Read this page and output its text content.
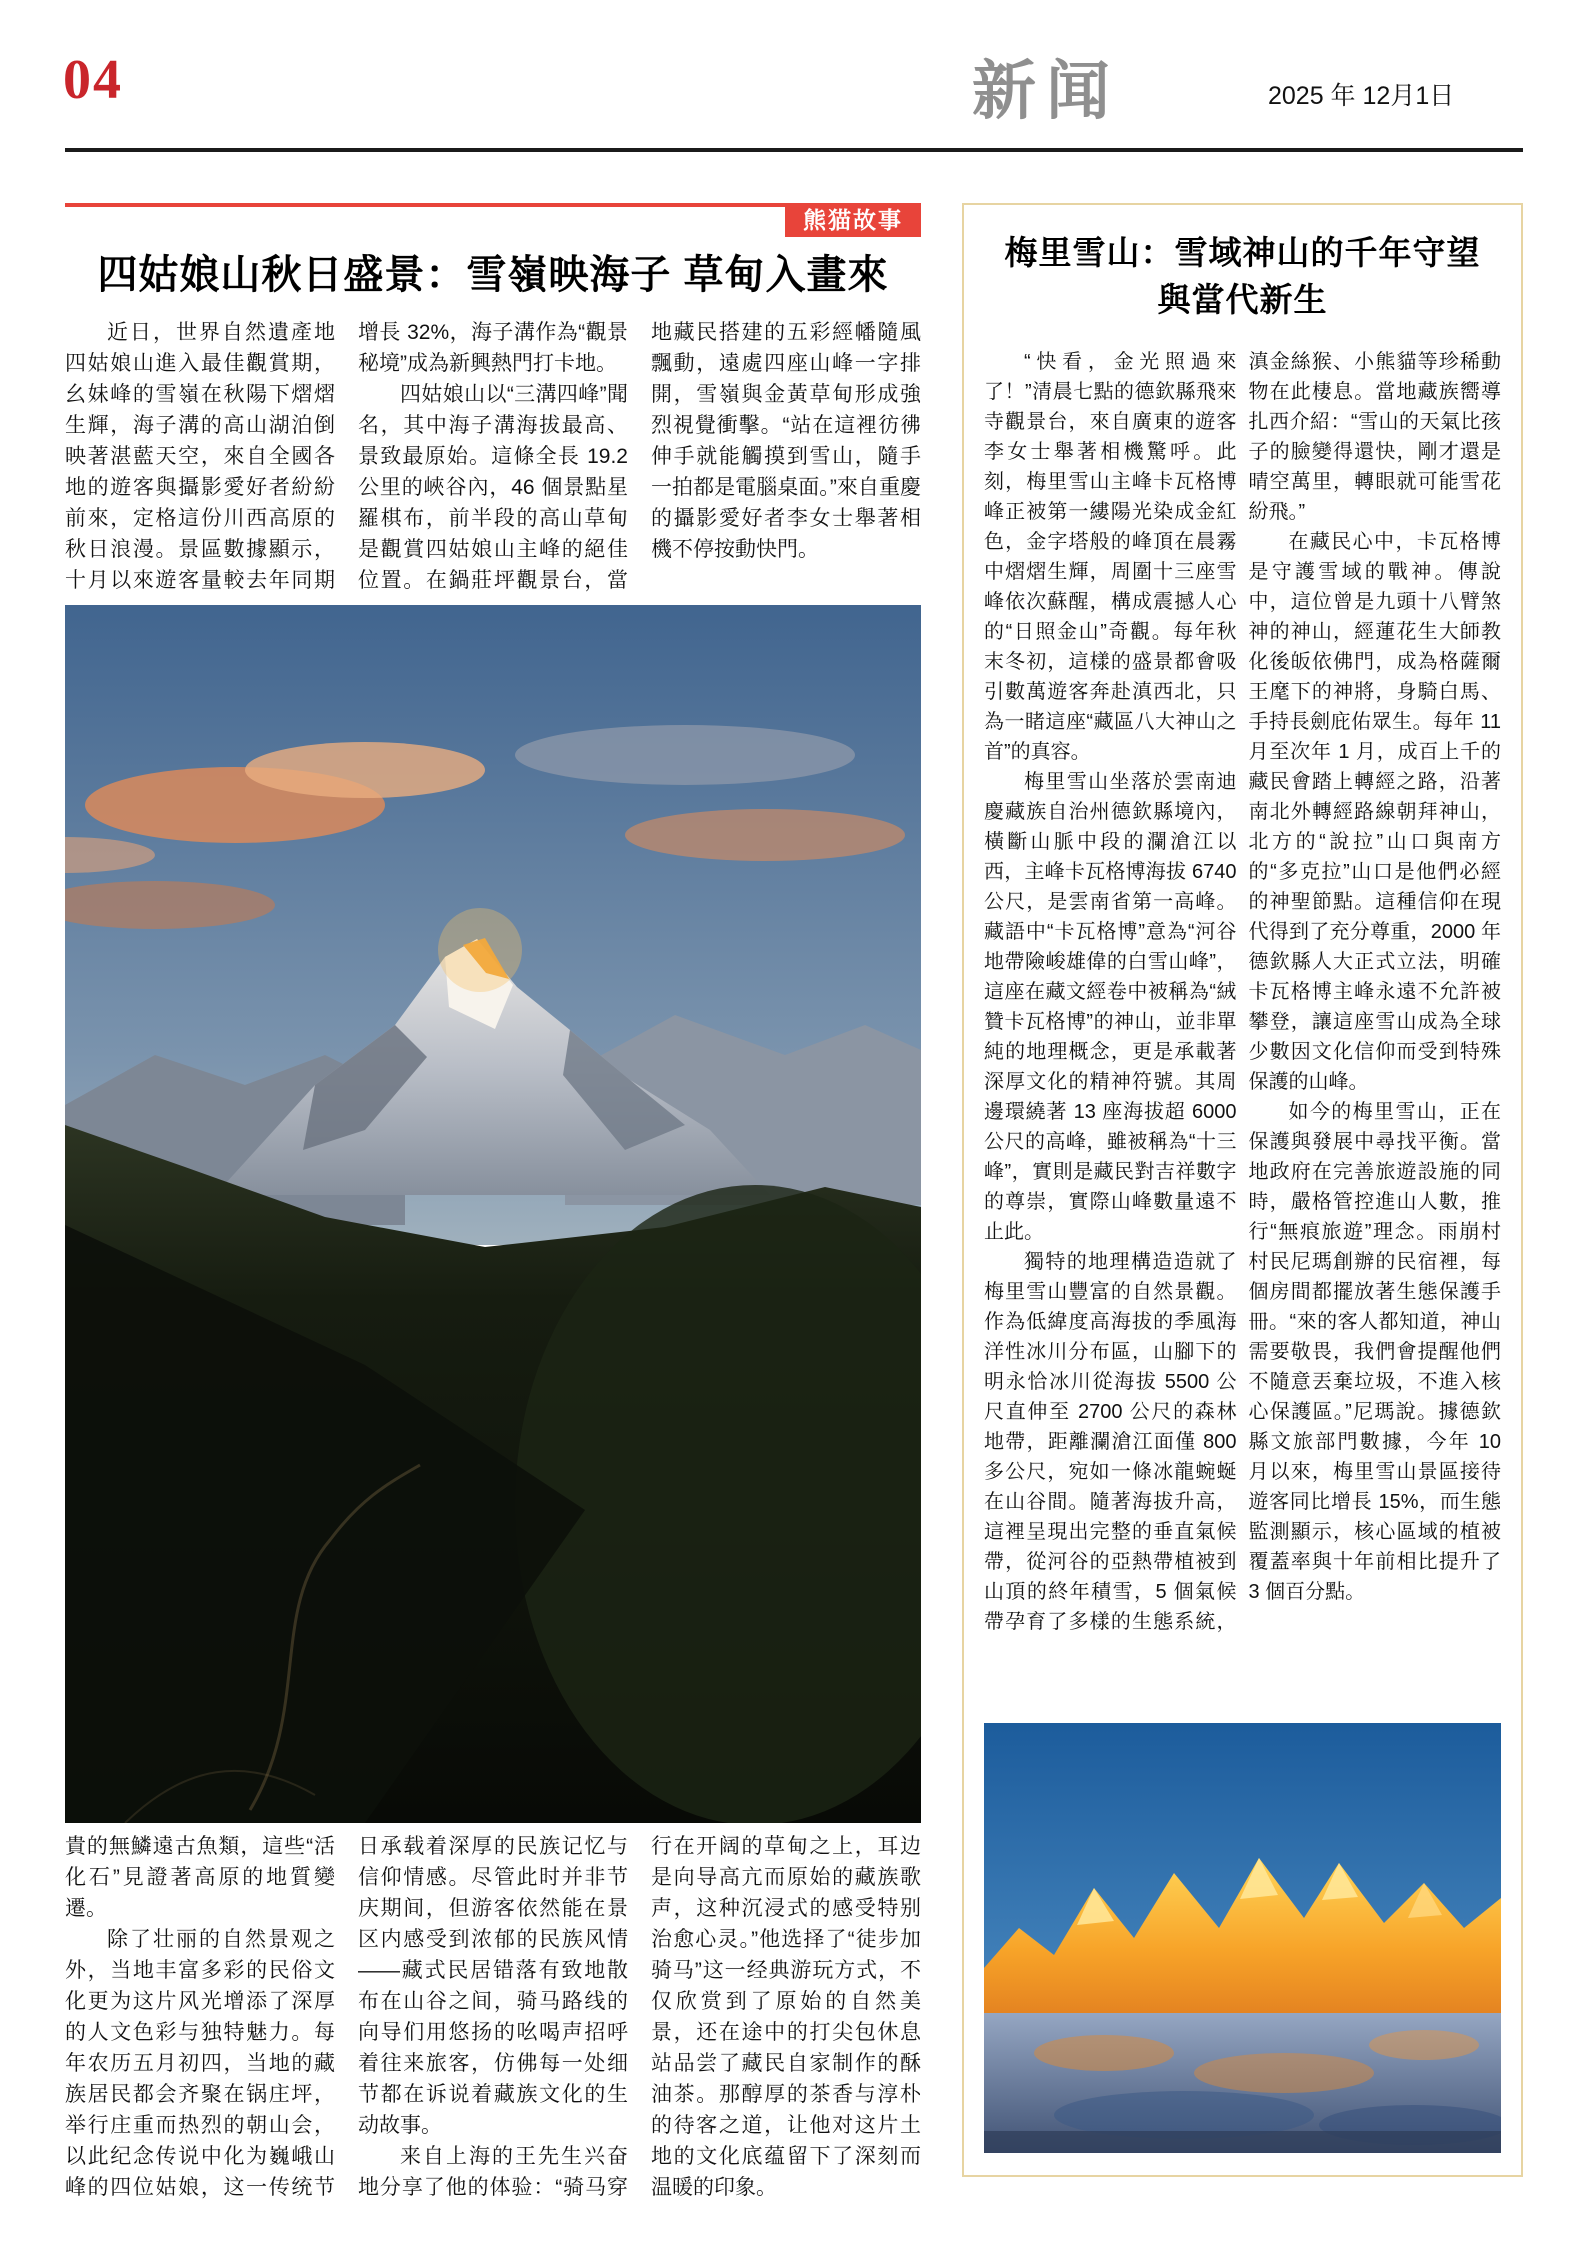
04	新闻	2025 年 12月1日
熊猫故事
四姑娘山秋日盛景：雪嶺映海子 草甸入畫來

近日，世界自然遺產地四姑娘山進入最佳觀賞期，幺妹峰的雪嶺在秋陽下熠熠生輝，海子溝的高山湖泊倒映著湛藍天空，來自全國各地的遊客與攝影愛好者紛紛前來，定格這份川西高原的秋日浪漫。景區數據顯示，十月以來遊客量較去年同期增長 32%，海子溝作為“觀景秘境”成為新興熱門打卡地。

四姑娘山以“三溝四峰”聞名，其中海子溝海拔最高、景致最原始。這條全長 19.2 公里的峽谷內，46 個景點星羅棋布，前半段的高山草甸是觀賞四姑娘山主峰的絕佳位置。在鍋莊坪觀景台，當地藏民搭建的五彩經幡隨風飄動，遠處四座山峰一字排開，雪嶺與金黃草甸形成強烈視覺衝擊。“站在這裡彷彿伸手就能觸摸到雪山，隨手一拍都是電腦桌面。”來自重慶的攝影愛好者李女士舉著相機不停按動快門。

貴的無鱗遠古魚類，這些“活化石”見證著高原的地質變遷。

除了壮丽的自然景观之外，当地丰富多彩的民俗文化更为这片风光增添了深厚的人文色彩与独特魅力。每年农历五月初四，当地的藏族居民都会齐聚在锅庄坪，举行庄重而热烈的朝山会，以此纪念传说中化为巍峨山峰的四位姑娘，这一传统节日承载着深厚的民族记忆与信仰情感。尽管此时并非节庆期间，但游客依然能在景区内感受到浓郁的民族风情——藏式民居错落有致地散布在山谷之间，骑马路线的向导们用悠扬的吆喝声招呼着往来旅客，仿佛每一处细节都在诉说着藏族文化的生动故事。

来自上海的王先生兴奋地分享了他的体验：“骑马穿行在开阔的草甸之上，耳边是向导高亢而原始的藏族歌声，这种沉浸式的感受特别治愈心灵。”他选择了“徒步加骑马”这一经典游玩方式，不仅欣赏到了原始的自然美景，还在途中的打尖包休息站品尝了藏民自家制作的酥油茶。那醇厚的茶香与淳朴的待客之道，让他对这片土地的文化底蕴留下了深刻而温暖的印象。

梅里雪山：雪域神山的千年守望
與當代新生

“快看，金光照過來了！”清晨七點的德欽縣飛來寺觀景台，來自廣東的遊客李女士舉著相機驚呼。此刻，梅里雪山主峰卡瓦格博峰正被第一縷陽光染成金紅色，金字塔般的峰頂在晨霧中熠熠生輝，周圍十三座雪峰依次蘇醒，構成震撼人心的“日照金山”奇觀。每年秋末冬初，這樣的盛景都會吸引數萬遊客奔赴滇西北，只為一睹這座“藏區八大神山之首”的真容。

梅里雪山坐落於雲南迪慶藏族自治州德欽縣境內，橫斷山脈中段的瀾滄江以西，主峰卡瓦格博海拔 6740 公尺，是雲南省第一高峰。藏語中“卡瓦格博”意為“河谷地帶險峻雄偉的白雪山峰”，這座在藏文經卷中被稱為“絨贊卡瓦格博”的神山，並非單純的地理概念，更是承載著深厚文化的精神符號。其周邊環繞著 13 座海拔超 6000 公尺的高峰，雖被稱為“十三峰”，實則是藏民對吉祥數字的尊崇，實際山峰數量遠不止此。

獨特的地理構造造就了梅里雪山豐富的自然景觀。作為低緯度高海拔的季風海洋性冰川分布區，山腳下的明永恰冰川從海拔 5500 公尺直伸至 2700 公尺的森林地帶，距離瀾滄江面僅 800 多公尺，宛如一條冰龍蜿蜒在山谷間。隨著海拔升高，這裡呈現出完整的垂直氣候帶，從河谷的亞熱帶植被到山頂的終年積雪，5 個氣候帶孕育了多樣的生態系統，滇金絲猴、小熊貓等珍稀動物在此棲息。當地藏族嚮導扎西介紹：“雪山的天氣比孩子的臉變得還快，剛才還是晴空萬里，轉眼就可能雪花紛飛。”

在藏民心中，卡瓦格博是守護雪域的戰神。傳說中，這位曾是九頭十八臂煞神的神山，經蓮花生大師教化後皈依佛門，成為格薩爾王麾下的神將，身騎白馬、手持長劍庇佑眾生。每年 11 月至次年 1 月，成百上千的藏民會踏上轉經之路，沿著南北外轉經路線朝拜神山，北方的“說拉”山口與南方的“多克拉”山口是他們必經的神聖節點。這種信仰在現代得到了充分尊重，2000 年德欽縣人大正式立法，明確卡瓦格博主峰永遠不允許被攀登，讓這座雪山成為全球少數因文化信仰而受到特殊保護的山峰。

如今的梅里雪山，正在保護與發展中尋找平衡。當地政府在完善旅遊設施的同時，嚴格管控進山人數，推行“無痕旅遊”理念。雨崩村村民尼瑪創辦的民宿裡，每個房間都擺放著生態保護手冊。“來的客人都知道，神山需要敬畏，我們會提醒他們不隨意丟棄垃圾，不進入核心保護區。”尼瑪說。據德欽縣文旅部門數據，今年 10 月以來，梅里雪山景區接待遊客同比增長 15%，而生態監測顯示，核心區域的植被覆蓋率與十年前相比提升了 3 個百分點。
